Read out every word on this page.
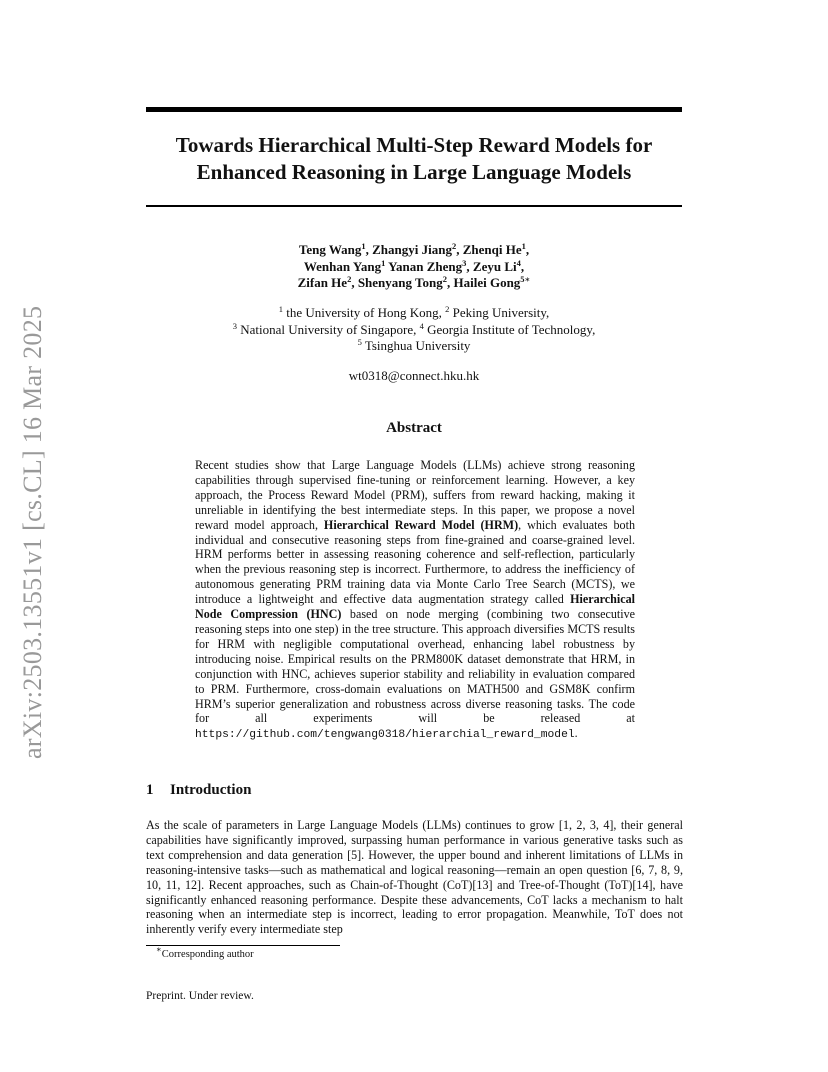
Towards Hierarchical Multi-Step Reward Models for
Enhanced Reasoning in Large Language Models
arXiv:2503.13551v1 [cs.CL] 16 Mar 2025
Teng Wang$^1$, Zhangyi Jiang$^2$, Zhenqi He$^1$,
Wenhan Yang$^1$ Yanan Zheng$^3$, Zeyu Li$^4$,
Zifan He$^2$, Shenyang Tong$^2$, Hailei Gong$^{5∗}$
$^1$ the University of Hong Kong, $^2$ Peking University,
$^3$ National University of Singapore, $^4$ Georgia Institute of Technology,
$^5$ Tsinghua University
wt0318@connect.hku.hk
Abstract
Recent studies show that Large Language Models (LLMs) achieve strong reasoning capabilities through supervised fine-tuning or reinforcement learning. However, a key approach, the Process Reward Model (PRM), suffers from reward hacking, making it unreliable in identifying the best intermediate steps. In this paper, we propose a novel reward model approach, Hierarchical Reward Model (HRM), which evaluates both individual and consecutive reasoning steps from fine-grained and coarse-grained level. HRM performs better in assessing reasoning coherence and self-reflection, particularly when the previous reasoning step is incorrect. Furthermore, to address the inefficiency of autonomous generating PRM training data via Monte Carlo Tree Search (MCTS), we introduce a lightweight and effective data augmentation strategy called Hierarchical Node Compression (HNC) based on node merging (combining two consecutive reasoning steps into one step) in the tree structure. This approach diversifies MCTS results for HRM with negligible computational overhead, enhancing label robustness by introducing noise. Empirical results on the PRM800K dataset demonstrate that HRM, in conjunction with HNC, achieves superior stability and reliability in evaluation compared to PRM. Furthermore, cross-domain evaluations on MATH500 and GSM8K confirm HRM’s superior generalization and robustness across diverse reasoning tasks. The code for all experiments will be released at https://github.com/tengwang0318/hierarchial_reward_model.
1 Introduction
As the scale of parameters in Large Language Models (LLMs) continues to grow [1, 2, 3, 4], their general capabilities have significantly improved, surpassing human performance in various generative tasks such as text comprehension and data generation [5]. However, the upper bound and inherent limitations of LLMs in reasoning-intensive tasks—such as mathematical and logical reasoning—remain an open question [6, 7, 8, 9, 10, 11, 12]. Recent approaches, such as Chain-of-Thought (CoT)[13] and Tree-of-Thought (ToT)[14], have significantly enhanced reasoning performance. Despite these advancements, CoT lacks a mechanism to halt reasoning when an intermediate step is incorrect, leading to error propagation. Meanwhile, ToT does not inherently verify every intermediate step
∗Corresponding author
Preprint. Under review.
